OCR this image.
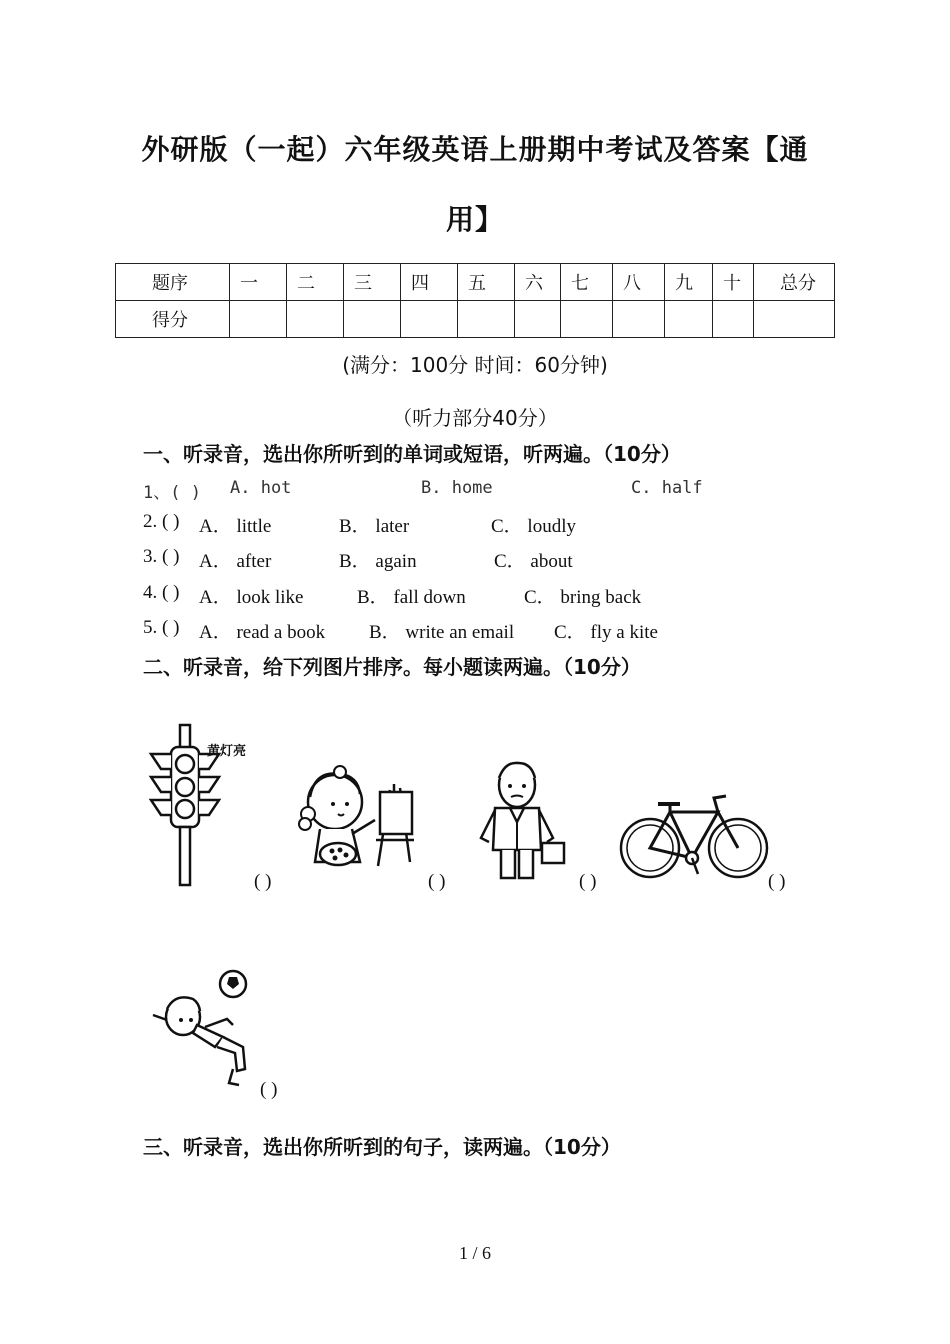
外研版（一起）六年级英语上册期中考试及答案【通
用】
题序	一	二	三	四	五	六	七	八	九	十	总分
得分											
(满分：100分 时间：60分钟)
（听力部分40分）
一、听录音，选出你所听到的单词或短语，听两遍。（10分）
1、( ) A. hot	B. home	C. half
2. ( ) A． little	B． later	C． loudly
3. ( ) A． after	B． again	C． about
4. ( ) A． look like	B． fall down	C． bring back
5. ( ) A． read a book B． write an email C． fly a kite
二、听录音，给下列图片排序。每小题读两遍。（10分）
黄灯亮
( )	( )	( )	( )
( )
三、听录音，选出你所听到的句子，读两遍。（10分）
1 / 6
